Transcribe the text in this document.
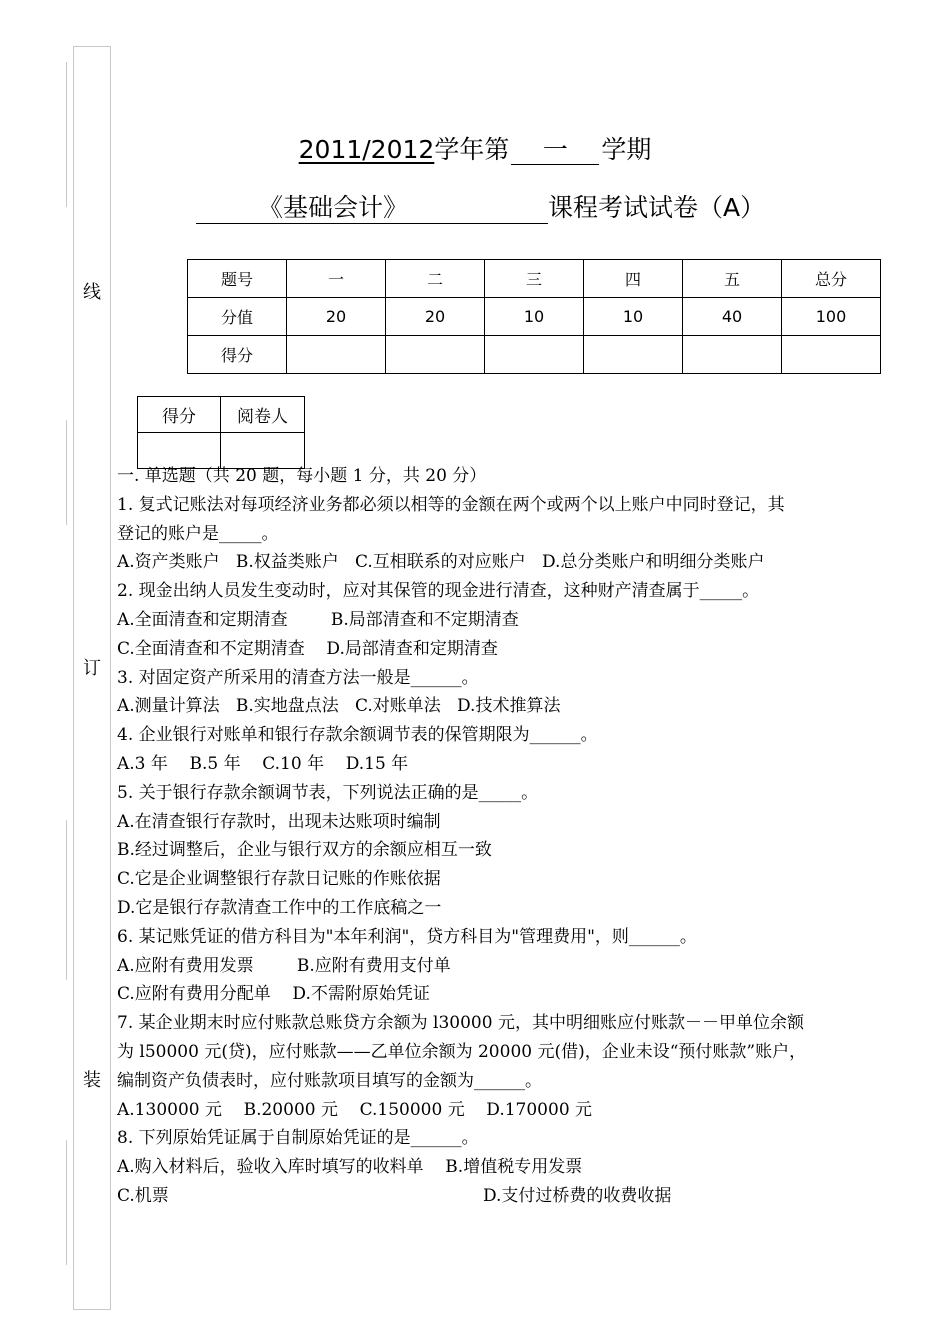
线
订
装
2011/2012学年第 一 学期
《基础会计》	课程考试试卷（A）
题号	一	二	三	四	五	总分
分值	20	20	10	10	40	100
得分						
得分	阅卷人

一. 单选题（共 20 题，每小题 1 分，共 20 分）

1. 复式记账法对每项经济业务都必须以相等的金额在两个或两个以上账户中同时登记，其

登记的账户是_____。

A.资产类账户   B.权益类账户   C.互相联系的对应账户   D.总分类账户和明细分类账户

2. 现金出纳人员发生变动时，应对其保管的现金进行清查，这种财产清查属于_____。

A.全面清查和定期清查        B.局部清查和不定期清查

C.全面清查和不定期清查    D.局部清查和定期清查

3. 对固定资产所采用的清查方法一般是______。

A.测量计算法   B.实地盘点法   C.对账单法   D.技术推算法

4. 企业银行对账单和银行存款余额调节表的保管期限为______。

A.3 年    B.5 年    C.10 年    D.15 年

5. 关于银行存款余额调节表，下列说法正确的是_____。

A.在清查银行存款时，出现未达账项时编制

B.经过调整后，企业与银行双方的余额应相互一致

C.它是企业调整银行存款日记账的作账依据

D.它是银行存款清查工作中的工作底稿之一

6. 某记账凭证的借方科目为"本年利润"，贷方科目为"管理费用"，则______。

A.应附有费用发票        B.应附有费用支付单

C.应附有费用分配单    D.不需附原始凭证

7. 某企业期末时应付账款总账贷方余额为 l30000 元，其中明细账应付账款－－甲单位余额

为 l50000 元(贷)，应付账款——乙单位余额为 20000 元(借)，企业未设“预付账款”账户，

编制资产负债表时，应付账款项目填写的金额为______。

A.130000 元    B.20000 元    C.150000 元    D.170000 元

8. 下列原始凭证属于自制原始凭证的是______。

A.购入材料后，验收入库时填写的收料单    B.增值税专用发票

C.机票	D.支付过桥费的收费收据
